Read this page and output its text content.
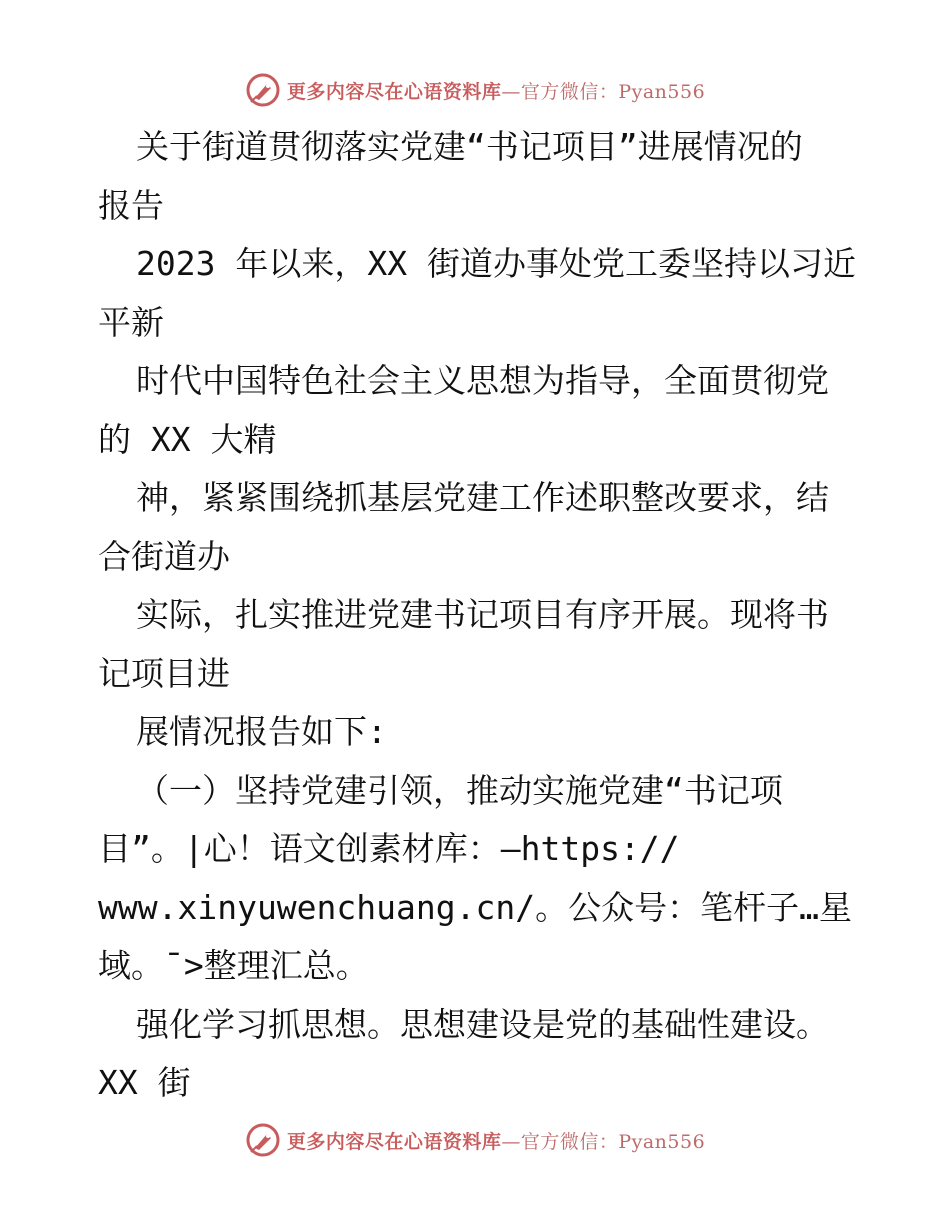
更多内容尽在心语资料库—官方微信：Pyan556
关于街道贯彻落实党建“书记项目”进展情况的
报告
2023 年以来，XX 街道办事处党工委坚持以习近
平新
时代中国特色社会主义思想为指导，全面贯彻党
的 XX 大精
神，紧紧围绕抓基层党建工作述职整改要求，结
合街道办
实际，扎实推进党建书记项目有序开展。现将书
记项目进
展情况报告如下:
（一）坚持党建引领，推动实施党建“书记项
目”。|心！语文创素材库：—https://
www.xinyuwenchuang.cn/。公众号：笔杆子…星
域。¯>整理汇总。
强化学习抓思想。思想建设是党的基础性建设。
XX 街
更多内容尽在心语资料库—官方微信：Pyan556
